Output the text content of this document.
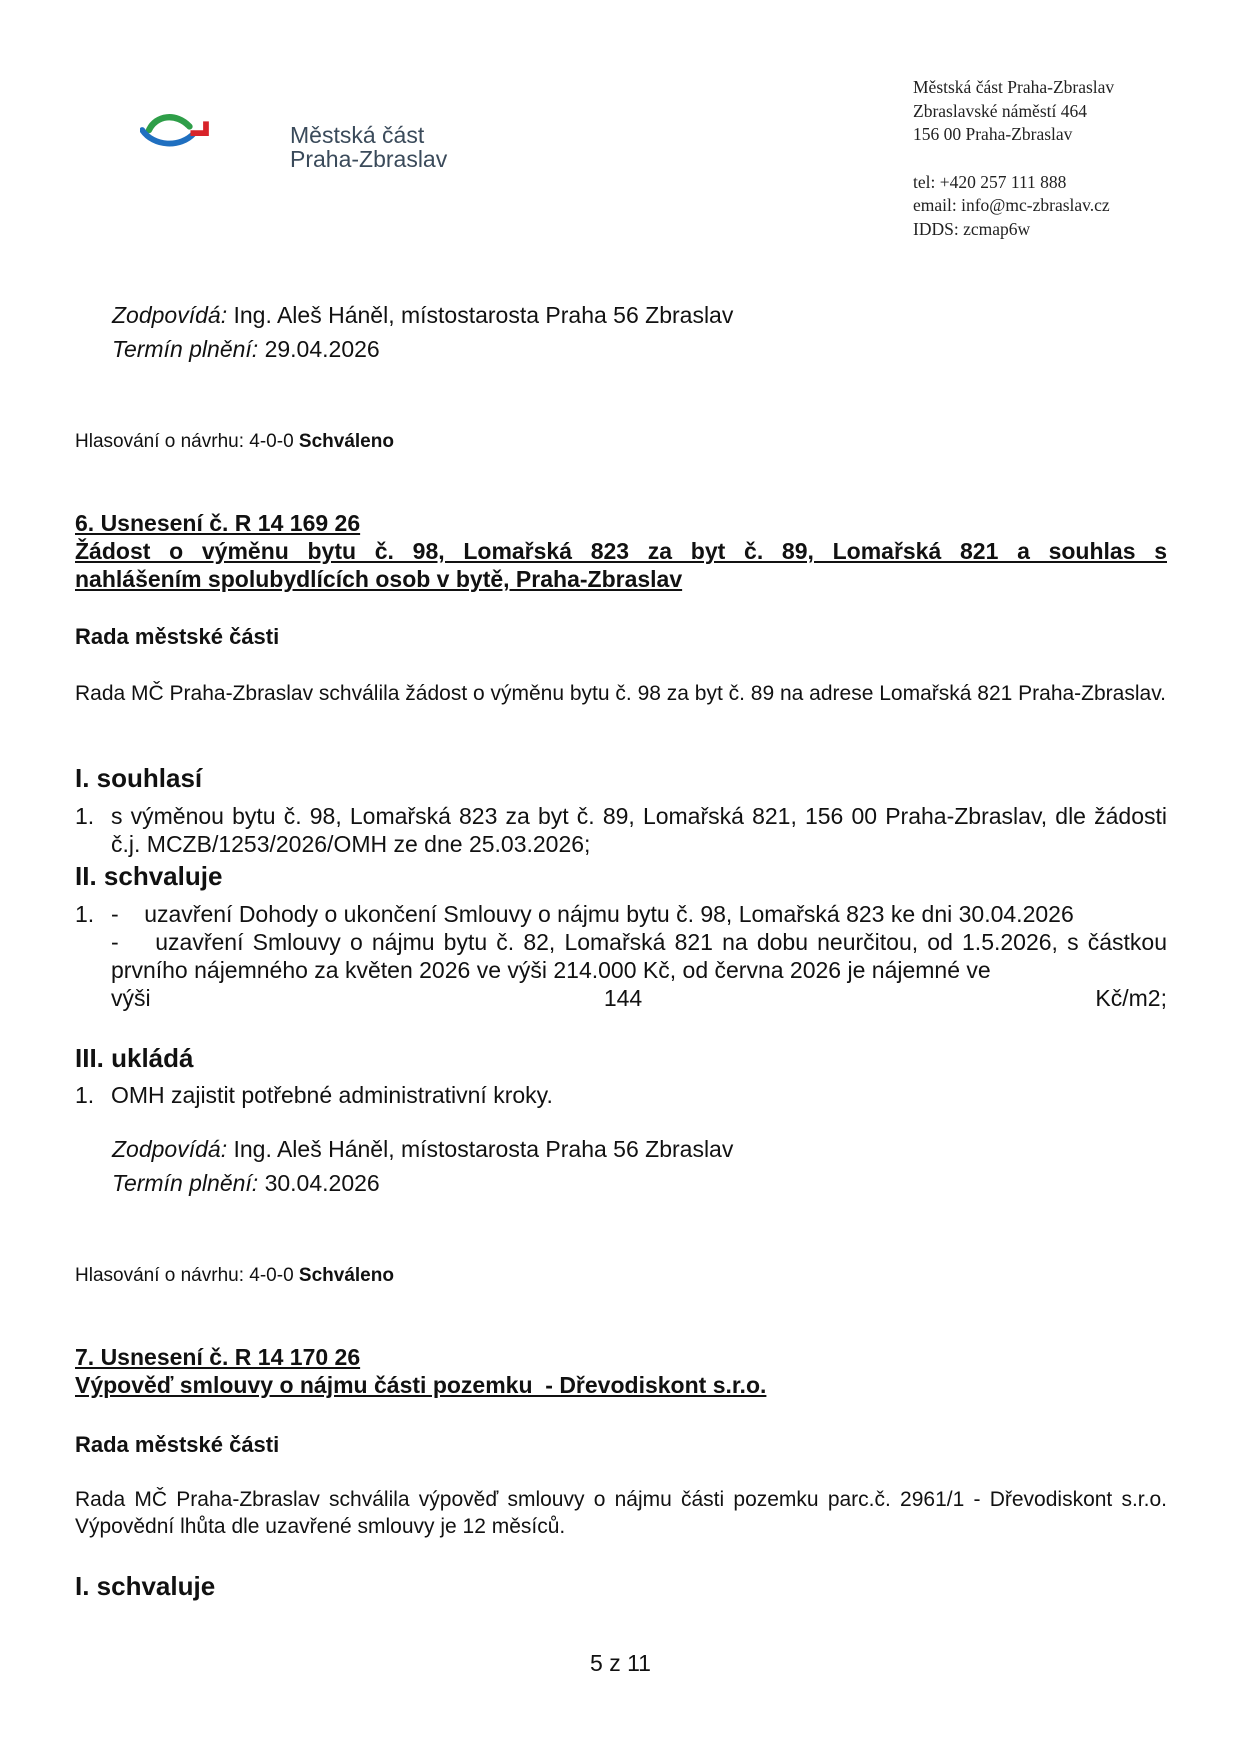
Městská část
Praha-Zbraslav
Městská část Praha-Zbraslav
Zbraslavské náměstí 464
156 00 Praha-Zbraslav
tel: +420 257 111 888
email: info@mc-zbraslav.cz
IDDS: zcmap6w
Zodpovídá: Ing. Aleš Háněl, místostarosta Praha 56 Zbraslav
Termín plnění: 29.04.2026
Hlasování o návrhu: 4-0-0 Schváleno
6. Usnesení č. R 14 169 26
Žádost o výměnu bytu č. 98, Lomařská 823 za byt č. 89, Lomařská 821 a souhlas s
nahlášením spolubydlících osob v bytě, Praha-Zbraslav
Rada městské části
Rada MČ Praha-Zbraslav schválila žádost o výměnu bytu č. 98 za byt č. 89 na adrese Lomařská 821 Praha-Zbraslav.
I. souhlasí
1. s výměnou bytu č. 98, Lomařská 823 za byt č. 89, Lomařská 821, 156 00 Praha-Zbraslav, dle žádosti č.j. MCZB/1253/2026/OMH ze dne 25.03.2026;
II. schvaluje
1. -    uzavření Dohody o ukončení Smlouvy o nájmu bytu č. 98, Lomařská 823 ke dni 30.04.2026
-    uzavření Smlouvy o nájmu bytu č. 82, Lomařská 821 na dobu neurčitou, od 1.5.2026, s částkou prvního nájemného za květen 2026 ve výši 214.000 Kč, od června 2026 je nájemné ve
výši	144	Kč/m2;
III. ukládá
1. OMH zajistit potřebné administrativní kroky.
Zodpovídá: Ing. Aleš Háněl, místostarosta Praha 56 Zbraslav
Termín plnění: 30.04.2026
Hlasování o návrhu: 4-0-0 Schváleno
7. Usnesení č. R 14 170 26
Výpověď smlouvy o nájmu části pozemku  - Dřevodiskont s.r.o.
Rada městské části
Rada MČ Praha-Zbraslav schválila výpověď smlouvy o nájmu části pozemku parc.č. 2961/1 - Dřevodiskont s.r.o. Výpovědní lhůta dle uzavřené smlouvy je 12 měsíců.
I. schvaluje
5 z 11
